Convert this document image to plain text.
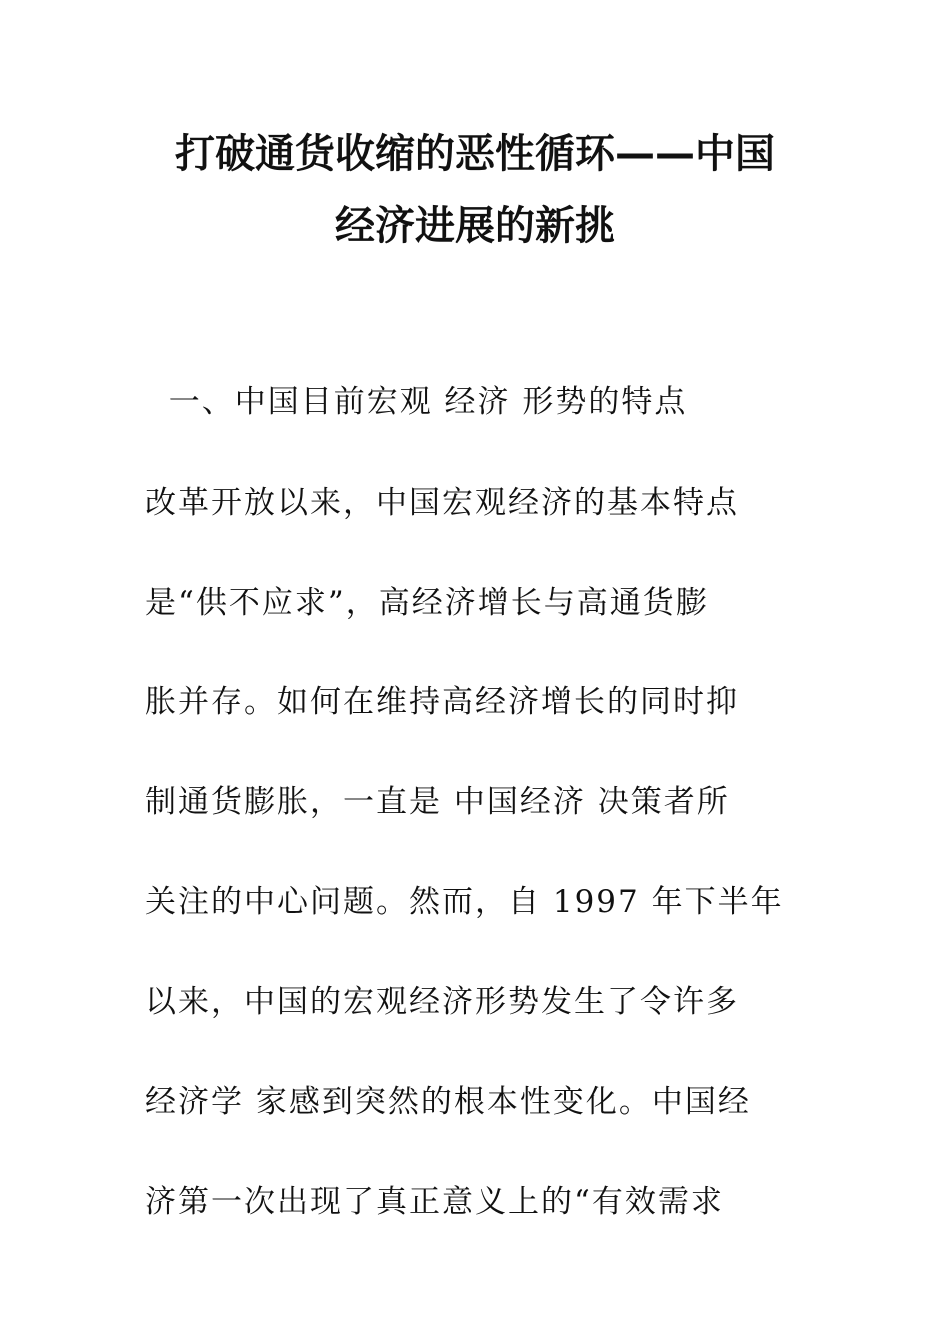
打破通货收缩的恶性循环——中国
经济进展的新挑
一、中国目前宏观 经济 形势的特点
改革开放以来，中国宏观经济的基本特点
是“供不应求”，高经济增长与高通货膨
胀并存。如何在维持高经济增长的同时抑
制通货膨胀，一直是 中国经济 决策者所
关注的中心问题。然而，自 1997 年下半年
以来，中国的宏观经济形势发生了令许多
经济学 家感到突然的根本性变化。中国经
济第一次出现了真正意义上的“有效需求
